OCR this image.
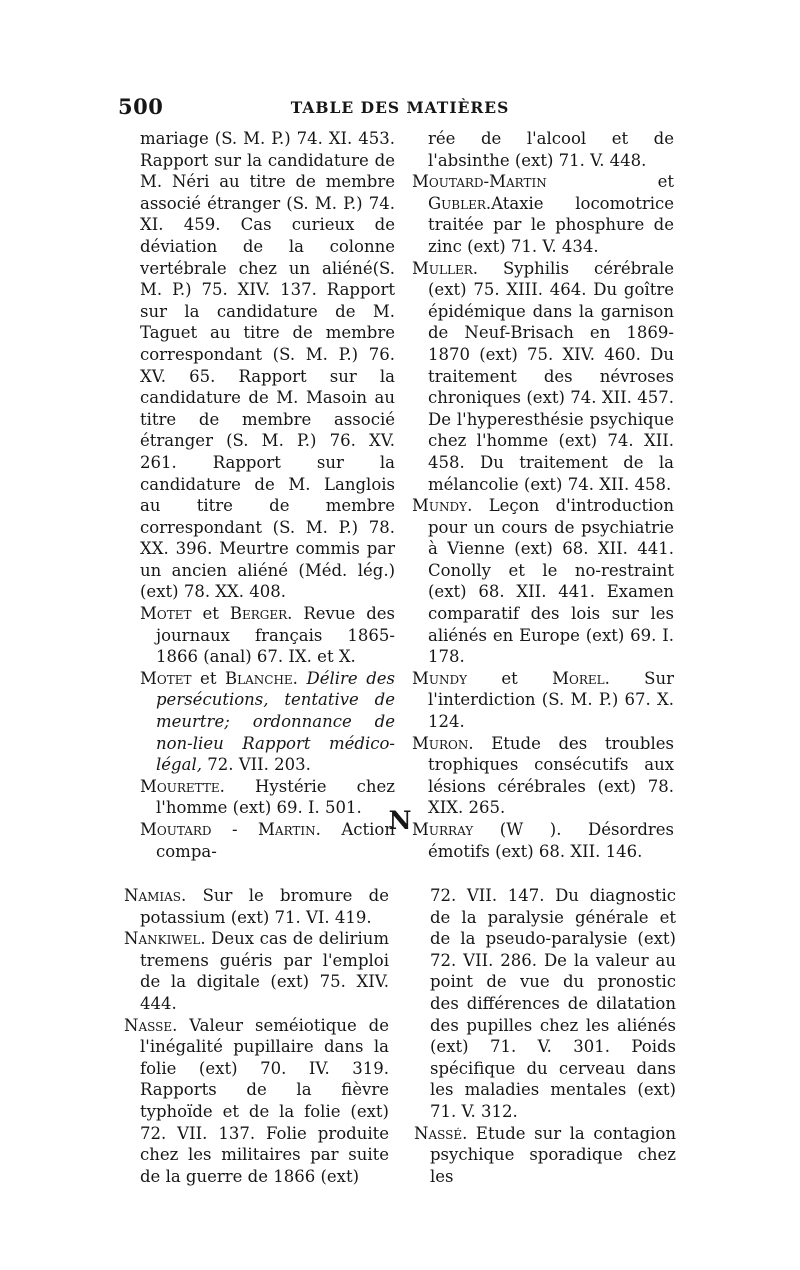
500	TABLE DES MATIÈRES

mariage (S. M. P.) 74. XI. 453. Rapport sur la candidature de M. Néri au titre de membre associé étranger (S. M. P.) 74. XI. 459. Cas curieux de déviation de la colonne vertébrale chez un aliéné(S. M. P.) 75. XIV. 137. Rapport sur la candidature de M. Taguet au titre de membre correspondant (S. M. P.) 76. XV. 65. Rapport sur la candidature de M. Masoin au titre de membre associé étranger (S. M. P.) 76. XV. 261. Rapport sur la candidature de M. Langlois au titre de membre correspondant (S. M. P.) 78. XX. 396. Meurtre commis par un ancien aliéné (Méd. lég.) (ext) 78. XX. 408.

Motet et Berger. Revue des journaux français 1865-1866 (anal) 67. IX. et X.

Motet et Blanche. Délire des persécutions, tentative de meurtre; ordonnance de non-lieu Rapport médico-légal, 72. VII. 203.

Mourette. Hystérie chez l'homme (ext) 69. I. 501.

Moutard - Martin. Action compa-

rée de l'alcool et de l'absinthe (ext) 71. V. 448.

Moutard-Martin et Gubler.Ataxie locomotrice traitée par le phosphure de zinc (ext) 71. V. 434.

Muller. Syphilis cérébrale (ext) 75. XIII. 464. Du goître épidémique dans la garnison de Neuf-Brisach en 1869-1870 (ext) 75. XIV. 460. Du traitement des névroses chroniques (ext) 74. XII. 457. De l'hyperesthésie psychique chez l'homme (ext) 74. XII. 458. Du traitement de la mélancolie (ext) 74. XII. 458.

Mundy. Leçon d'introduction pour un cours de psychiatrie à Vienne (ext) 68. XII. 441. Conolly et le no-restraint (ext) 68. XII. 441. Examen comparatif des lois sur les aliénés en Europe (ext) 69. I. 178.

Mundy et Morel. Sur l'interdiction (S. M. P.) 67. X. 124.

Muron. Etude des troubles trophiques consécutifs aux lésions cérébrales (ext) 78. XIX. 265.

Murray (W ). Désordres émotifs (ext) 68. XII. 146.

N

Namias. Sur le bromure de potassium (ext) 71. VI. 419.

Nankiwel. Deux cas de delirium tremens guéris par l'emploi de la digitale (ext) 75. XIV. 444.

Nasse. Valeur seméiotique de l'inégalité pupillaire dans la folie (ext) 70. IV. 319. Rapports de la fièvre typhoïde et de la folie (ext) 72. VII. 137. Folie produite chez les militaires par suite de la guerre de 1866 (ext)

72. VII. 147. Du diagnostic de la paralysie générale et de la pseudo-paralysie (ext) 72. VII. 286. De la valeur au point de vue du pronostic des différences de dilatation des pupilles chez les aliénés (ext) 71. V. 301. Poids spécifique du cerveau dans les maladies mentales (ext) 71. V. 312.

Nassé. Etude sur la contagion psychique sporadique chez les
